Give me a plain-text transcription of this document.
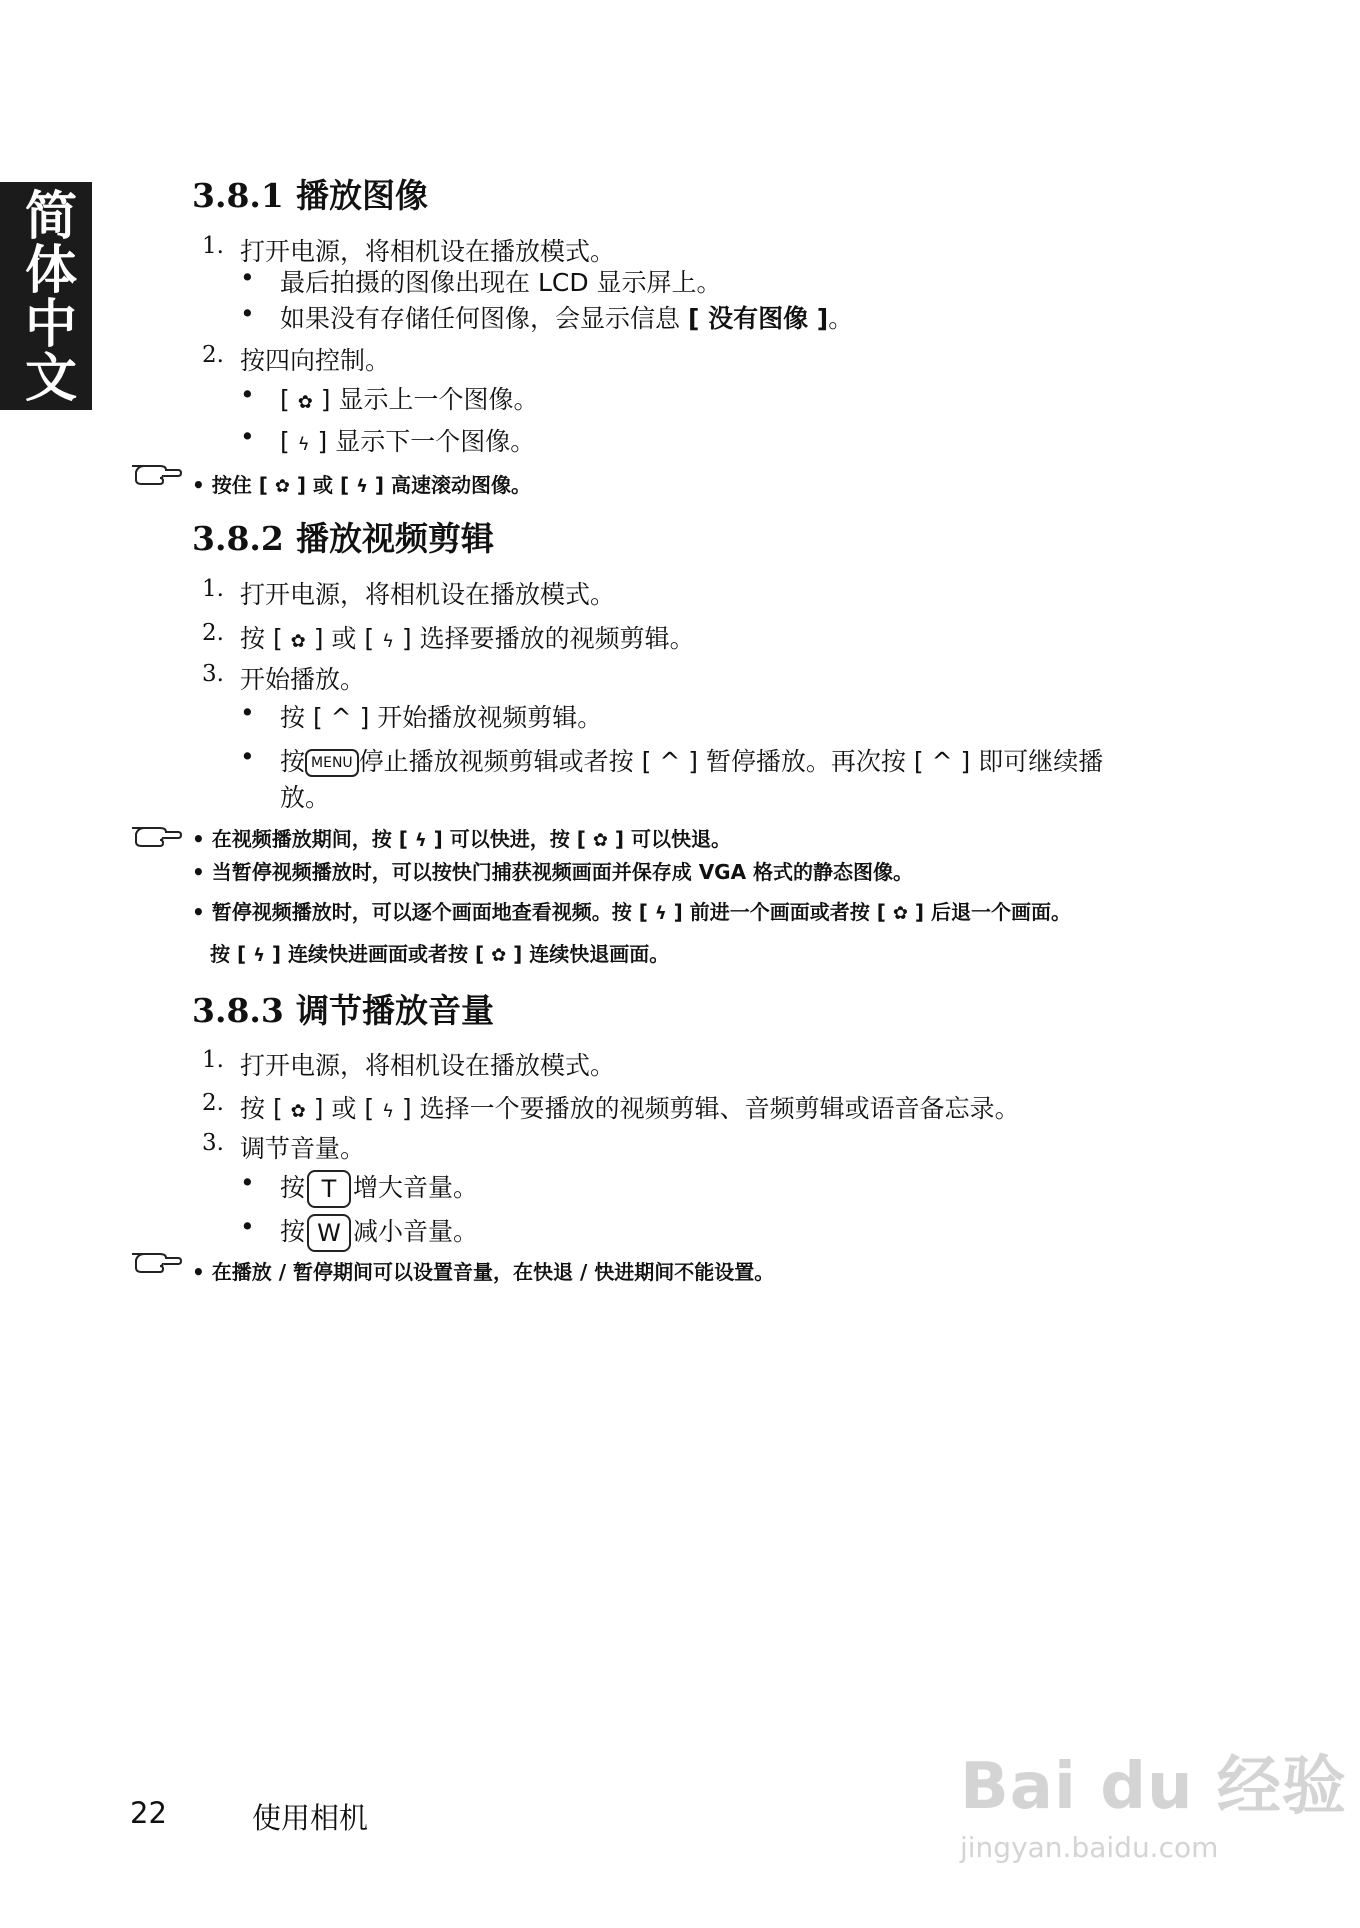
简体中文	3.8.1 播放图像
1. 打开电源，将相机设在播放模式。
• 最后拍摄的图像出现在 LCD 显示屏上。
• 如果没有存储任何图像，会显示信息 [ 没有图像 ]。
2. 按四向控制。
• [ ✿ ] 显示上一个图像。
• [ ϟ ] 显示下一个图像。
• 按住 [ ✿ ] 或 [ ϟ ] 高速滚动图像。
3.8.2 播放视频剪辑
1. 打开电源，将相机设在播放模式。
2. 按 [ ✿ ] 或 [ ϟ ] 选择要播放的视频剪辑。
3. 开始播放。
• 按 [ ^ ] 开始播放视频剪辑。
• 按 MENU 停止播放视频剪辑或者按 [ ^ ] 暂停播放。再次按 [ ^ ] 即可继续播
放。
• 在视频播放期间，按 [ ϟ ] 可以快进，按 [ ✿ ] 可以快退。
• 当暂停视频播放时，可以按快门捕获视频画面并保存成 VGA 格式的静态图像。
• 暂停视频播放时，可以逐个画面地查看视频。按 [ ϟ ] 前进一个画面或者按 [ ✿ ] 后退一个画面。
按 [ ϟ ] 连续快进画面或者按 [ ✿ ] 连续快退画面。
3.8.3 调节播放音量
1. 打开电源，将相机设在播放模式。
2. 按 [ ✿ ] 或 [ ϟ ] 选择一个要播放的视频剪辑、音频剪辑或语音备忘录。
3. 调节音量。
• 按 T 增大音量。
• 按 W 减小音量。
• 在播放 / 暂停期间可以设置音量，在快退 / 快进期间不能设置。
22	使用相机	Bai du 经验
jingyan.baidu.com
